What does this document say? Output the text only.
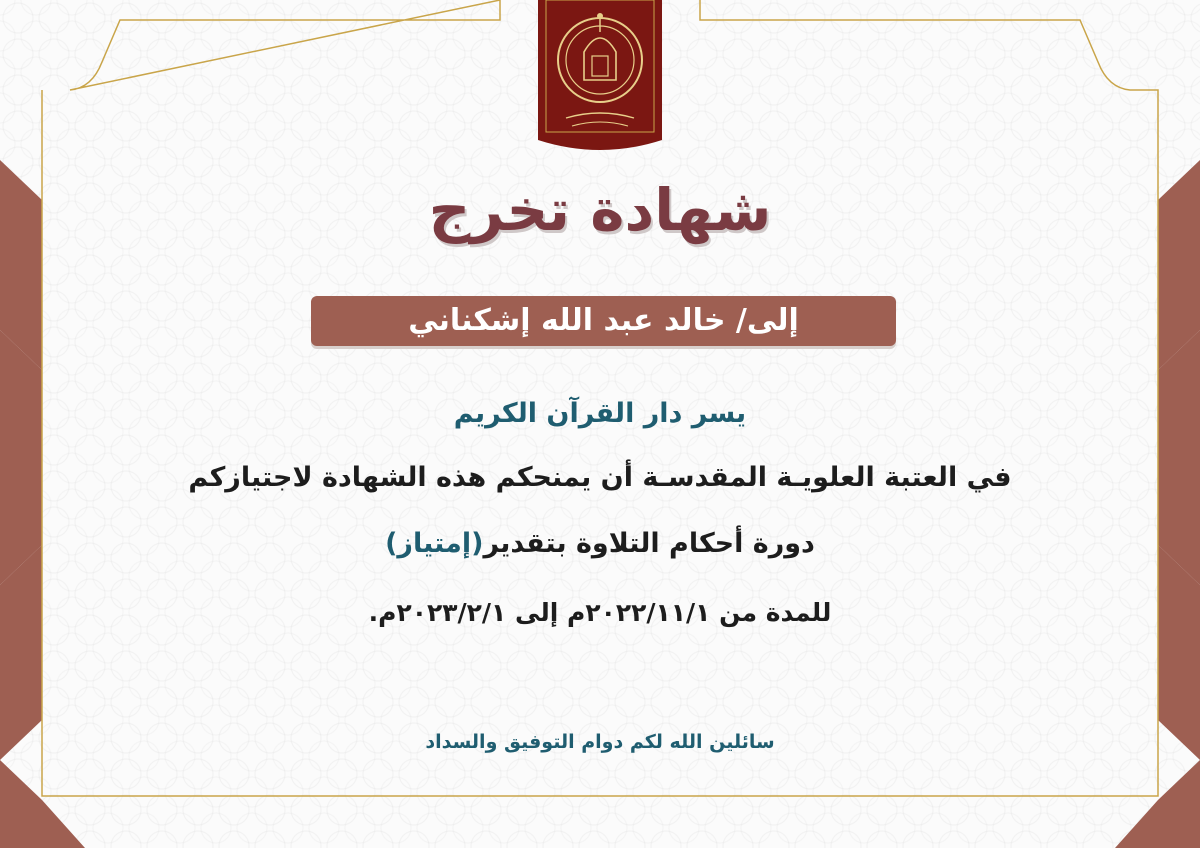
شهادة تخرج
إلى/ خالد عبد الله إشكناني
يسر دار القرآن الكريم
في العتبة العلويـة المقدسـة أن يمنحكم هذه الشهادة لاجتيازكم
دورة أحكام التلاوة بتقدير(إمتياز)
للمدة من ٢٠٢٢/١١/١م إلى ٢٠٢٣/٢/١م.
سائلين الله لكم دوام التوفيق والسداد
